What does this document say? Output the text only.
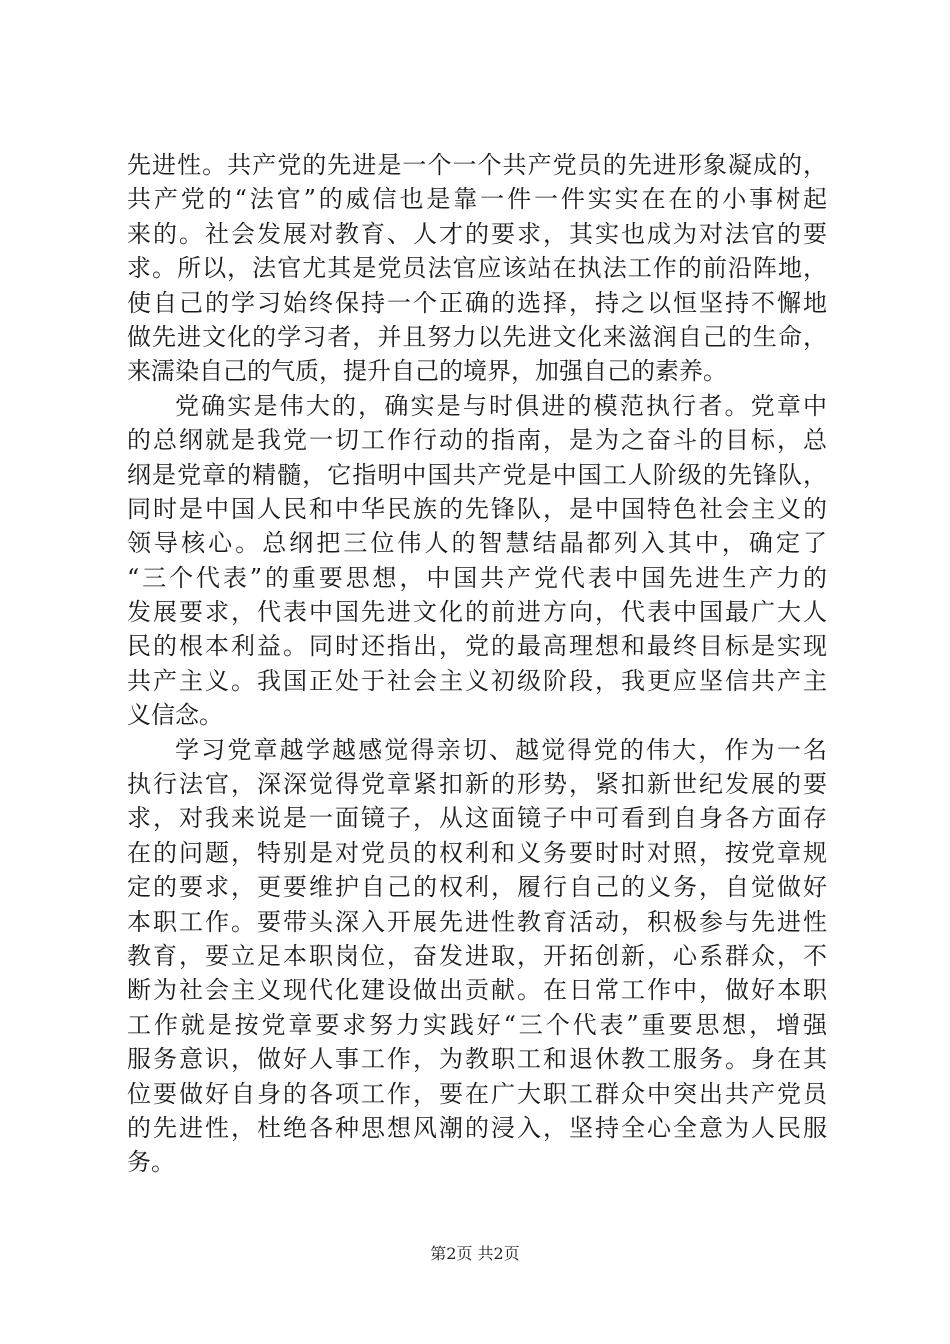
先进性。共产党的先进是一个一个共产党员的先进形象凝成的，
共产党的“法官”的威信也是靠一件一件实实在在的小事树起
来的。社会发展对教育、人才的要求，其实也成为对法官的要
求。所以，法官尤其是党员法官应该站在执法工作的前沿阵地，
使自己的学习始终保持一个正确的选择，持之以恒坚持不懈地
做先进文化的学习者，并且努力以先进文化来滋润自己的生命，
来濡染自己的气质，提升自己的境界，加强自己的素养。
党确实是伟大的，确实是与时俱进的模范执行者。党章中
的总纲就是我党一切工作行动的指南，是为之奋斗的目标，总
纲是党章的精髓，它指明中国共产党是中国工人阶级的先锋队，
同时是中国人民和中华民族的先锋队，是中国特色社会主义的
领导核心。总纲把三位伟人的智慧结晶都列入其中，确定了
“三个代表”的重要思想，中国共产党代表中国先进生产力的
发展要求，代表中国先进文化的前进方向，代表中国最广大人
民的根本利益。同时还指出，党的最高理想和最终目标是实现
共产主义。我国正处于社会主义初级阶段，我更应坚信共产主
义信念。
学习党章越学越感觉得亲切、越觉得党的伟大，作为一名
执行法官，深深觉得党章紧扣新的形势，紧扣新世纪发展的要
求，对我来说是一面镜子，从这面镜子中可看到自身各方面存
在的问题，特别是对党员的权利和义务要时时对照，按党章规
定的要求，更要维护自己的权利，履行自己的义务，自觉做好
本职工作。要带头深入开展先进性教育活动，积极参与先进性
教育，要立足本职岗位，奋发进取，开拓创新，心系群众，不
断为社会主义现代化建设做出贡献。在日常工作中，做好本职
工作就是按党章要求努力实践好“三个代表”重要思想，增强
服务意识，做好人事工作，为教职工和退休教工服务。身在其
位要做好自身的各项工作，要在广大职工群众中突出共产党员
的先进性，杜绝各种思想风潮的浸入，坚持全心全意为人民服
务。
第2页 共2页
